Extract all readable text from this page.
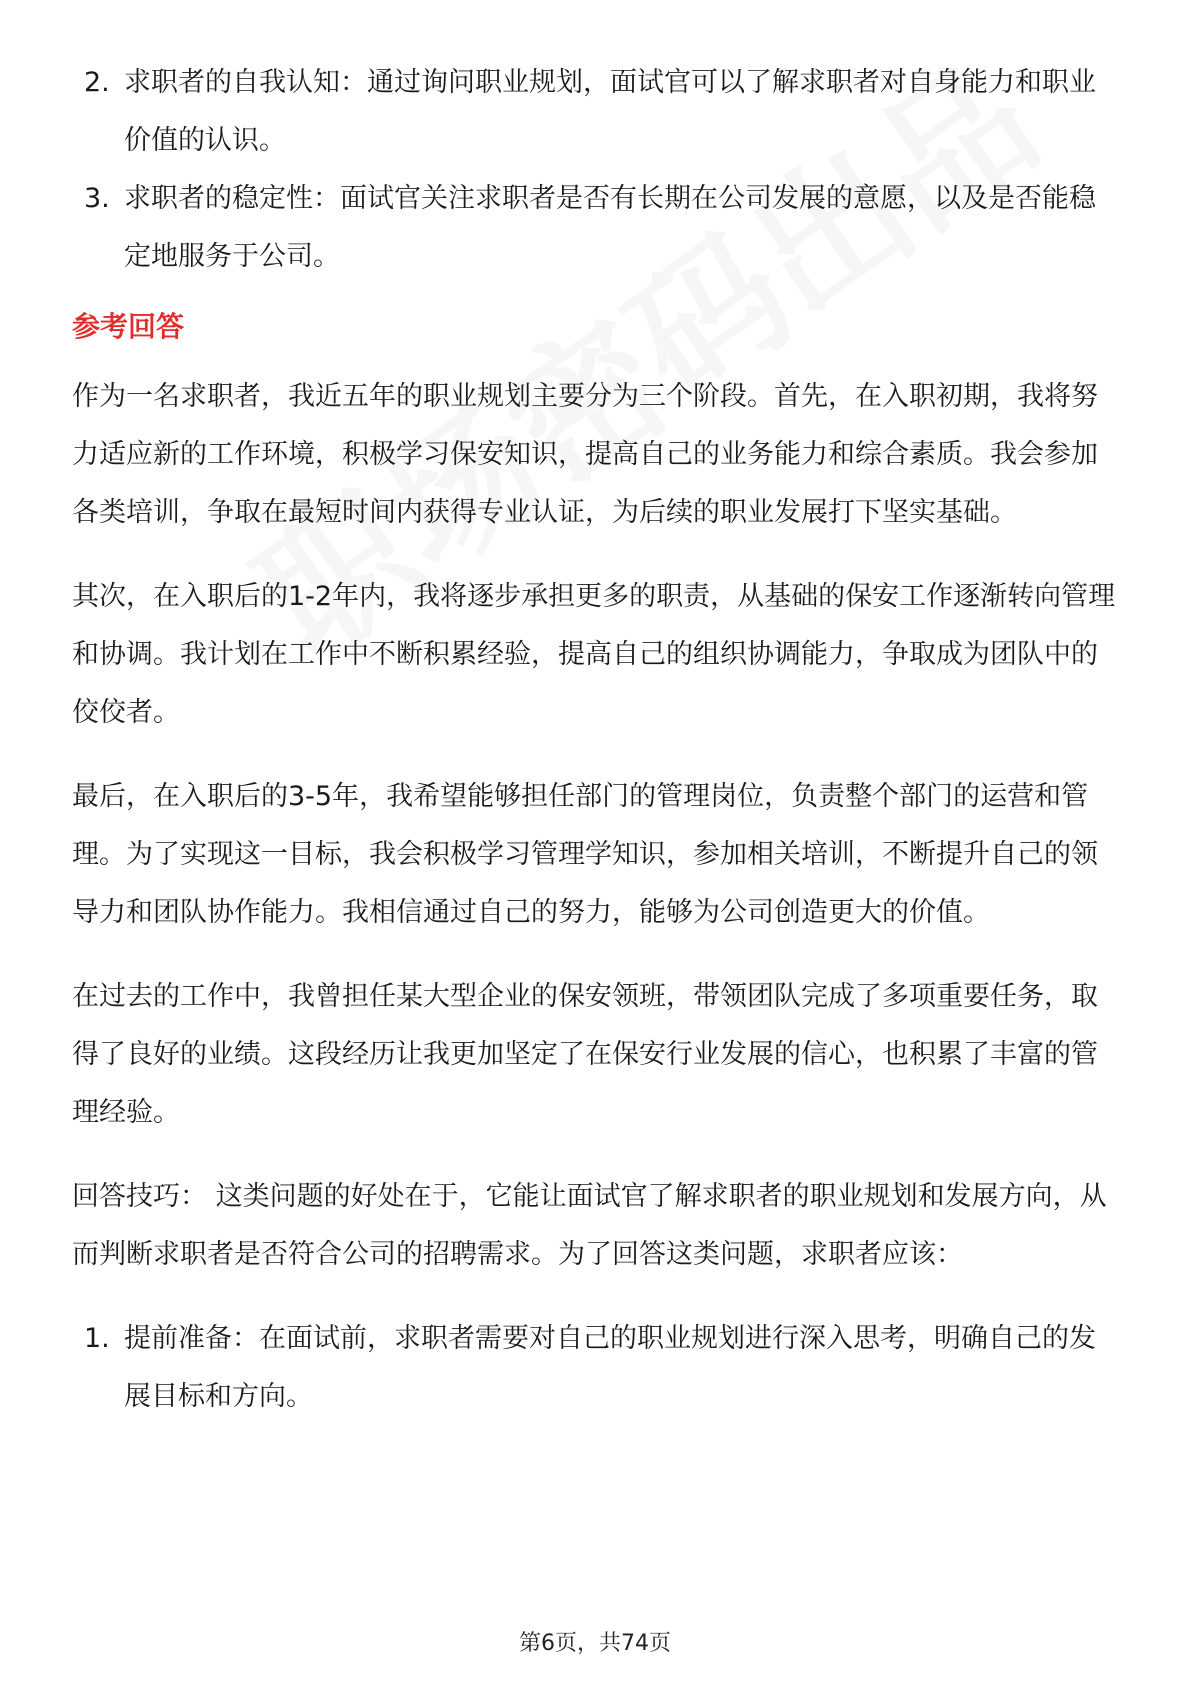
2. 求职者的自我认知：通过询问职业规划，面试官可以了解求职者对自身能力和职业价值的认识。
3. 求职者的稳定性：面试官关注求职者是否有长期在公司发展的意愿，以及是否能稳定地服务于公司。
参考回答

作为一名求职者，我近五年的职业规划主要分为三个阶段。首先，在入职初期，我将努力适应新的工作环境，积极学习保安知识，提高自己的业务能力和综合素质。我会参加各类培训，争取在最短时间内获得专业认证，为后续的职业发展打下坚实基础。

其次，在入职后的1-2年内，我将逐步承担更多的职责，从基础的保安工作逐渐转向管理和协调。我计划在工作中不断积累经验，提高自己的组织协调能力，争取成为团队中的佼佼者。

最后，在入职后的3-5年，我希望能够担任部门的管理岗位，负责整个部门的运营和管理。为了实现这一目标，我会积极学习管理学知识，参加相关培训，不断提升自己的领导力和团队协作能力。我相信通过自己的努力，能够为公司创造更大的价值。

在过去的工作中，我曾担任某大型企业的保安领班，带领团队完成了多项重要任务，取得了良好的业绩。这段经历让我更加坚定了在保安行业发展的信心，也积累了丰富的管理经验。

回答技巧： 这类问题的好处在于，它能让面试官了解求职者的职业规划和发展方向，从而判断求职者是否符合公司的招聘需求。为了回答这类问题，求职者应该：

1. 提前准备：在面试前，求职者需要对自己的职业规划进行深入思考，明确自己的发展目标和方向。
第6页，共74页
